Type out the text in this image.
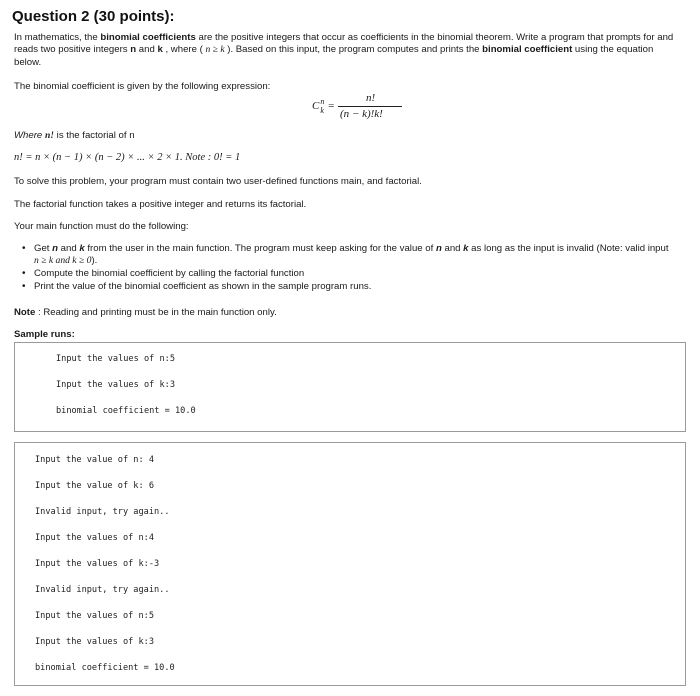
Question 2 (30 points):
In mathematics, the binomial coefficients are the positive integers that occur as coefficients in the binomial theorem. Write a program that prompts for and reads two positive integers n and k , where ( n ≥ k ). Based on this input, the program computes and prints the binomial coefficient using the equation below.
The binomial coefficient is given by the following expression:
C n
k =
n!
(n − k)!k!
Where n! is the factorial of n
n! = n × (n − 1) × (n − 2) × ... × 2 × 1. Note : 0! = 1
To solve this problem, your program must contain two user-defined functions main, and factorial.
The factorial function takes a positive integer and returns its factorial.
Your main function must do the following:
• Get n and k from the user in the main function. The program must keep asking for the value of n and k as long as the input is invalid (Note: valid input
n ≥ k and k ≥ 0).
• Compute the binomial coefficient by calling the factorial function
• Print the value of the binomial coefficient as shown in the sample program runs.
Note : Reading and printing must be in the main function only.
Sample runs:
Input the values of n:5
Input the values of k:3
binomial coefficient = 10.0
Input the value of n: 4
Input the value of k: 6
Invalid input, try again..
Input the values of n:4
Input the values of k:-3
Invalid input, try again..
Input the values of n:5
Input the values of k:3
binomial coefficient = 10.0
